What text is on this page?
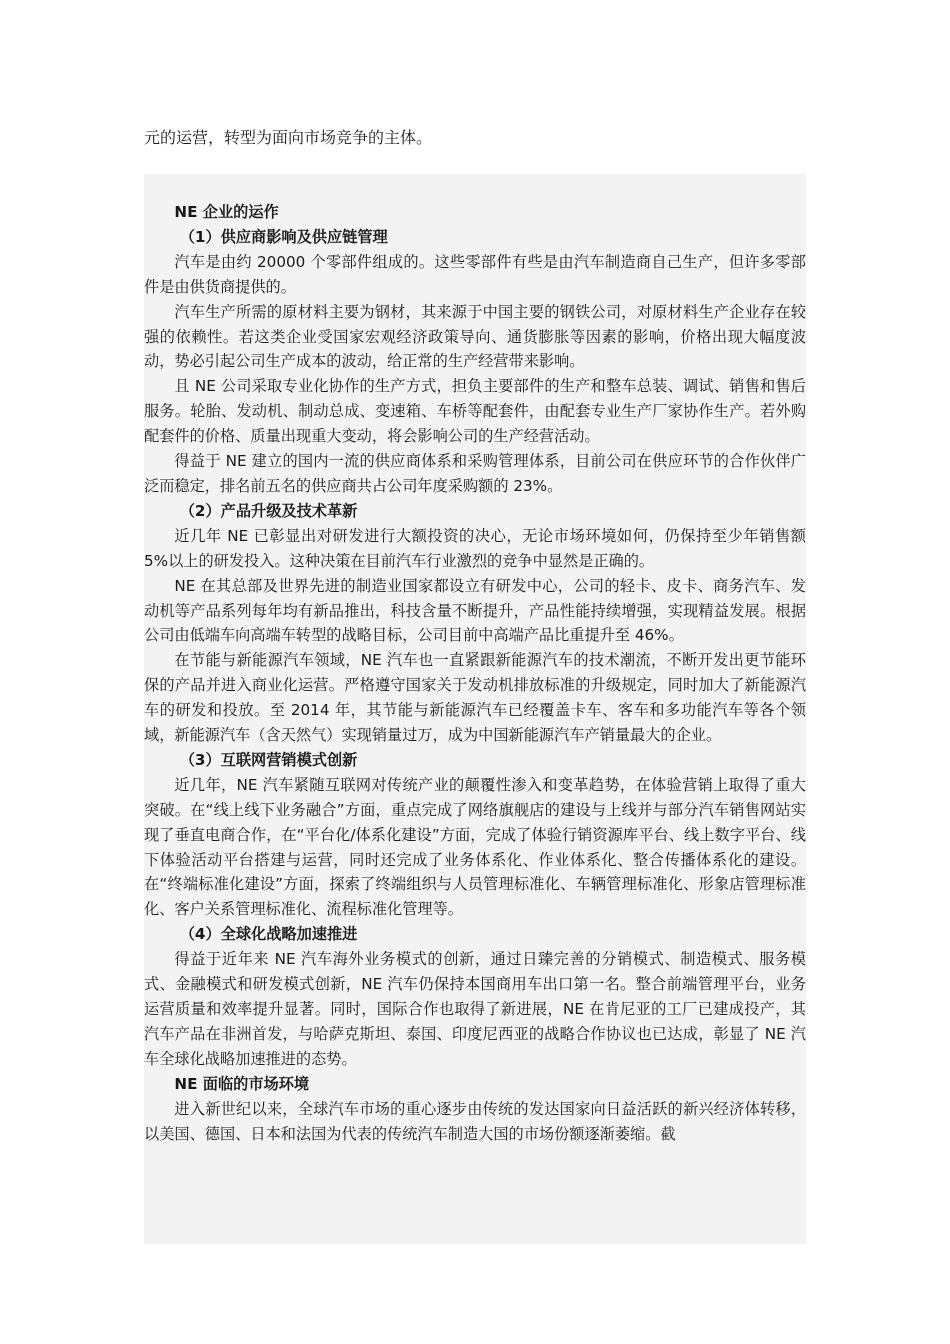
元的运营，转型为面向市场竞争的主体。

NE 企业的运作
（1）供应商影响及供应链管理

汽车是由约 20000 个零部件组成的。这些零部件有些是由汽车制造商自己生产，但许多零部件是由供货商提供的。

汽车生产所需的原材料主要为钢材，其来源于中国主要的钢铁公司，对原材料生产企业存在较强的依赖性。若这类企业受国家宏观经济政策导向、通货膨胀等因素的影响，价格出现大幅度波动，势必引起公司生产成本的波动，给正常的生产经营带来影响。

且 NE 公司采取专业化协作的生产方式，担负主要部件的生产和整车总装、调试、销售和售后服务。轮胎、发动机、制动总成、变速箱、车桥等配套件，由配套专业生产厂家协作生产。若外购配套件的价格、质量出现重大变动，将会影响公司的生产经营活动。

得益于 NE 建立的国内一流的供应商体系和采购管理体系，目前公司在供应环节的合作伙伴广泛而稳定，排名前五名的供应商共占公司年度采购额的 23%。

（2）产品升级及技术革新

近几年 NE 已彰显出对研发进行大额投资的决心，无论市场环境如何，仍保持至少年销售额 5%以上的研发投入。这种决策在目前汽车行业激烈的竞争中显然是正确的。

NE 在其总部及世界先进的制造业国家都设立有研发中心，公司的轻卡、皮卡、商务汽车、发动机等产品系列每年均有新品推出，科技含量不断提升，产品性能持续增强，实现精益发展。根据公司由低端车向高端车转型的战略目标，公司目前中高端产品比重提升至 46%。

在节能与新能源汽车领域，NE 汽车也一直紧跟新能源汽车的技术潮流，不断开发出更节能环保的产品并进入商业化运营。严格遵守国家关于发动机排放标准的升级规定，同时加大了新能源汽车的研发和投放。至 2014 年，其节能与新能源汽车已经覆盖卡车、客车和多功能汽车等各个领域，新能源汽车（含天然气）实现销量过万，成为中国新能源汽车产销量最大的企业。

（3）互联网营销模式创新

近几年，NE 汽车紧随互联网对传统产业的颠覆性渗入和变革趋势，在体验营销上取得了重大突破。在“线上线下业务融合”方面，重点完成了网络旗舰店的建设与上线并与部分汽车销售网站实现了垂直电商合作，在“平台化/体系化建设”方面，完成了体验行销资源库平台、线上数字平台、线下体验活动平台搭建与运营，同时还完成了业务体系化、作业体系化、整合传播体系化的建设。在“终端标准化建设”方面，探索了终端组织与人员管理标准化、车辆管理标准化、形象店管理标准化、客户关系管理标准化、流程标准化管理等。

（4）全球化战略加速推进

得益于近年来 NE 汽车海外业务模式的创新，通过日臻完善的分销模式、制造模式、服务模式、金融模式和研发模式创新，NE 汽车仍保持本国商用车出口第一名。整合前端管理平台，业务运营质量和效率提升显著。同时，国际合作也取得了新进展，NE 在肯尼亚的工厂已建成投产，其汽车产品在非洲首发，与哈萨克斯坦、泰国、印度尼西亚的战略合作协议也已达成，彰显了 NE 汽车全球化战略加速推进的态势。

NE 面临的市场环境

进入新世纪以来，全球汽车市场的重心逐步由传统的发达国家向日益活跃的新兴经济体转移，以美国、德国、日本和法国为代表的传统汽车制造大国的市场份额逐渐萎缩。截
